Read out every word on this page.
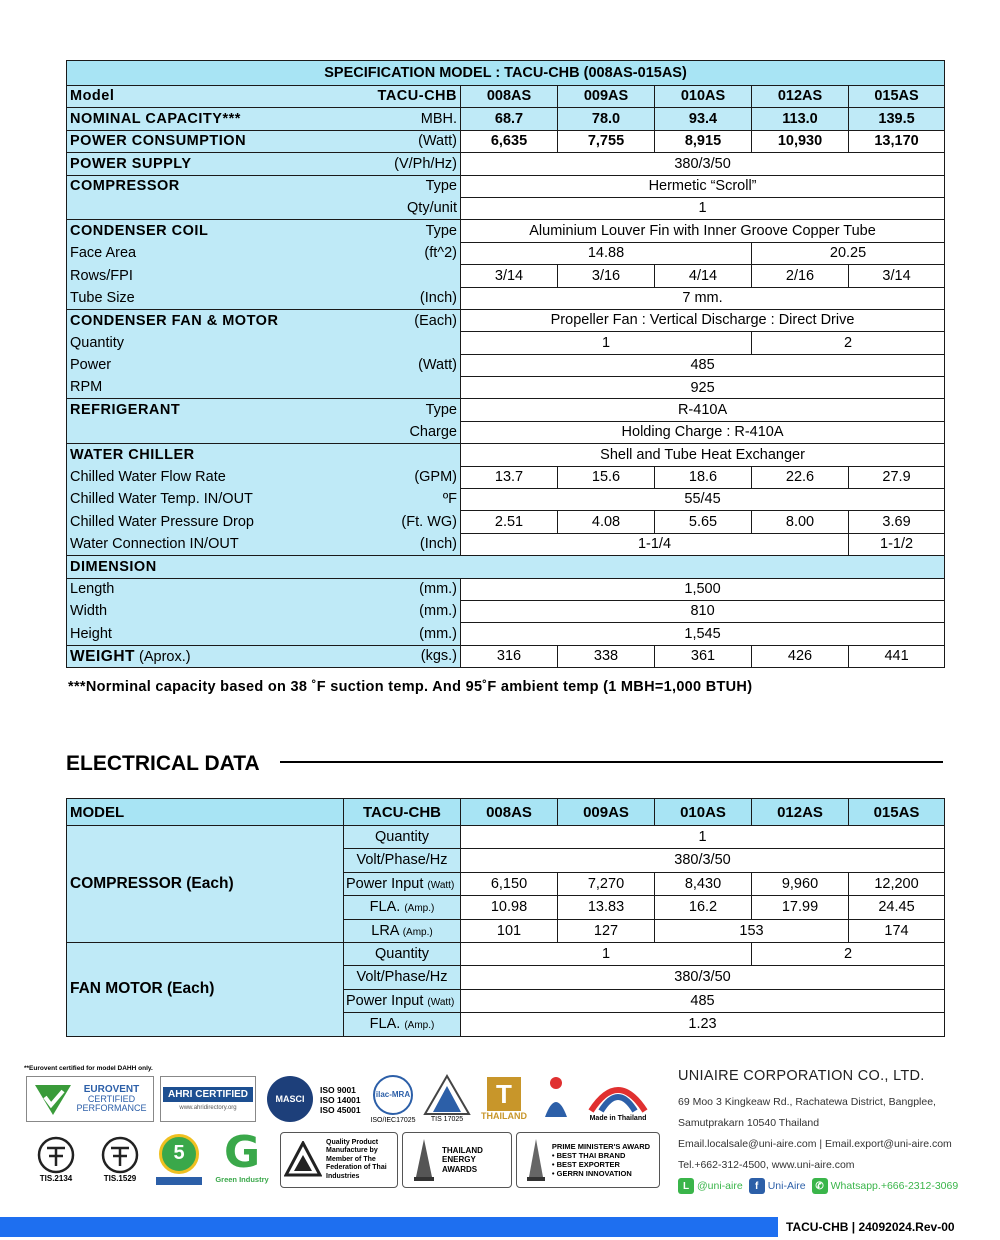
SPECIFICATION MODEL : TACU-CHB (008AS-015AS)						
Model	TACU-CHB	008AS	009AS	010AS	012AS	015AS
NOMINAL CAPACITY***	MBH.	68.7	78.0	93.4	113.0	139.5
POWER CONSUMPTION	(Watt)	6,635	7,755	8,915	10,930	13,170
POWER SUPPLY	(V/Ph/Hz)	380/3/50				
COMPRESSOR	Type	Hermetic “Scroll”				
	Qty/unit	1				
CONDENSER COIL	Type	Aluminium Louver Fin with Inner Groove Copper Tube				
Face Area	(ft^2)	14.88			20.25	
Rows/FPI		3/14	3/16	4/14	2/16	3/14
Tube Size	(Inch)	7 mm.				
CONDENSER FAN & MOTOR	(Each)	Propeller Fan : Vertical Discharge : Direct Drive				
Quantity		1			2	
Power	(Watt)	485				
RPM		925				
REFRIGERANT	Type	R-410A				
	Charge	Holding Charge : R-410A				
WATER CHILLER		Shell and Tube Heat Exchanger				
Chilled Water Flow Rate	(GPM)	13.7	15.6	18.6	22.6	27.9
Chilled Water Temp. IN/OUT	ºF	55/45				
Chilled Water Pressure Drop	(Ft. WG)	2.51	4.08	5.65	8.00	3.69
Water Connection IN/OUT	(Inch)	1-1/4				1-1/2
DIMENSION						
Length	(mm.)	1,500				
Width	(mm.)	810				
Height	(mm.)	1,545				
WEIGHT (Aprox.)	(kgs.)	316	338	361	426	441
***Norminal capacity based on 38 ˚F suction temp. And 95˚F ambient temp (1 MBH=1,000 BTUH)
ELECTRICAL DATA
MODEL	TACU-CHB	008AS	009AS	010AS	012AS	015AS
COMPRESSOR (Each)	Quantity	1				
	Volt/Phase/Hz	380/3/50				
	Power Input (Watt)	6,150	7,270	8,430	9,960	12,200
	FLA. (Amp.)	10.98	13.83	16.2	17.99	24.45
	LRA (Amp.)	101	127	153		174
FAN MOTOR (Each)	Quantity	1			2	
	Volt/Phase/Hz	380/3/50				
	Power Input (Watt)	485				
	FLA. (Amp.)	1.23				
**Eurovent certified for model DAHH only.
EUROVENT
CERTIFIED
PERFORMANCE
AHRI CERTIFIED
www.ahridirectory.org
MASCI
ISO 9001
ISO 14001
ISO 45001
ilac-MRA
ISO/IEC17025 TIS 17025
T
THAILAND	Made in Thailand
TIS.2134	TIS.1529
5 G
Green Industry
Quality Product Manufacture by Member of The Federation of Thai Industries
THAILAND ENERGY AWARDS
PRIME MINISTER'S AWARD
• BEST THAI BRAND
• BEST EXPORTER
• GERRN INNOVATION
UNIAIRE CORPORATION CO., LTD.
69 Moo 3 Kingkeaw Rd., Rachatewa District, Bangplee,
Samutprakarn 10540 Thailand
Email.localsale@uni-aire.com | Email.export@uni-aire.com
Tel.+662-312-4500, www.uni-aire.com
L @uni-aire	f Uni-Aire ✆ Whatsapp.+666-2312-3069
TACU-CHB | 24092024.Rev-00
